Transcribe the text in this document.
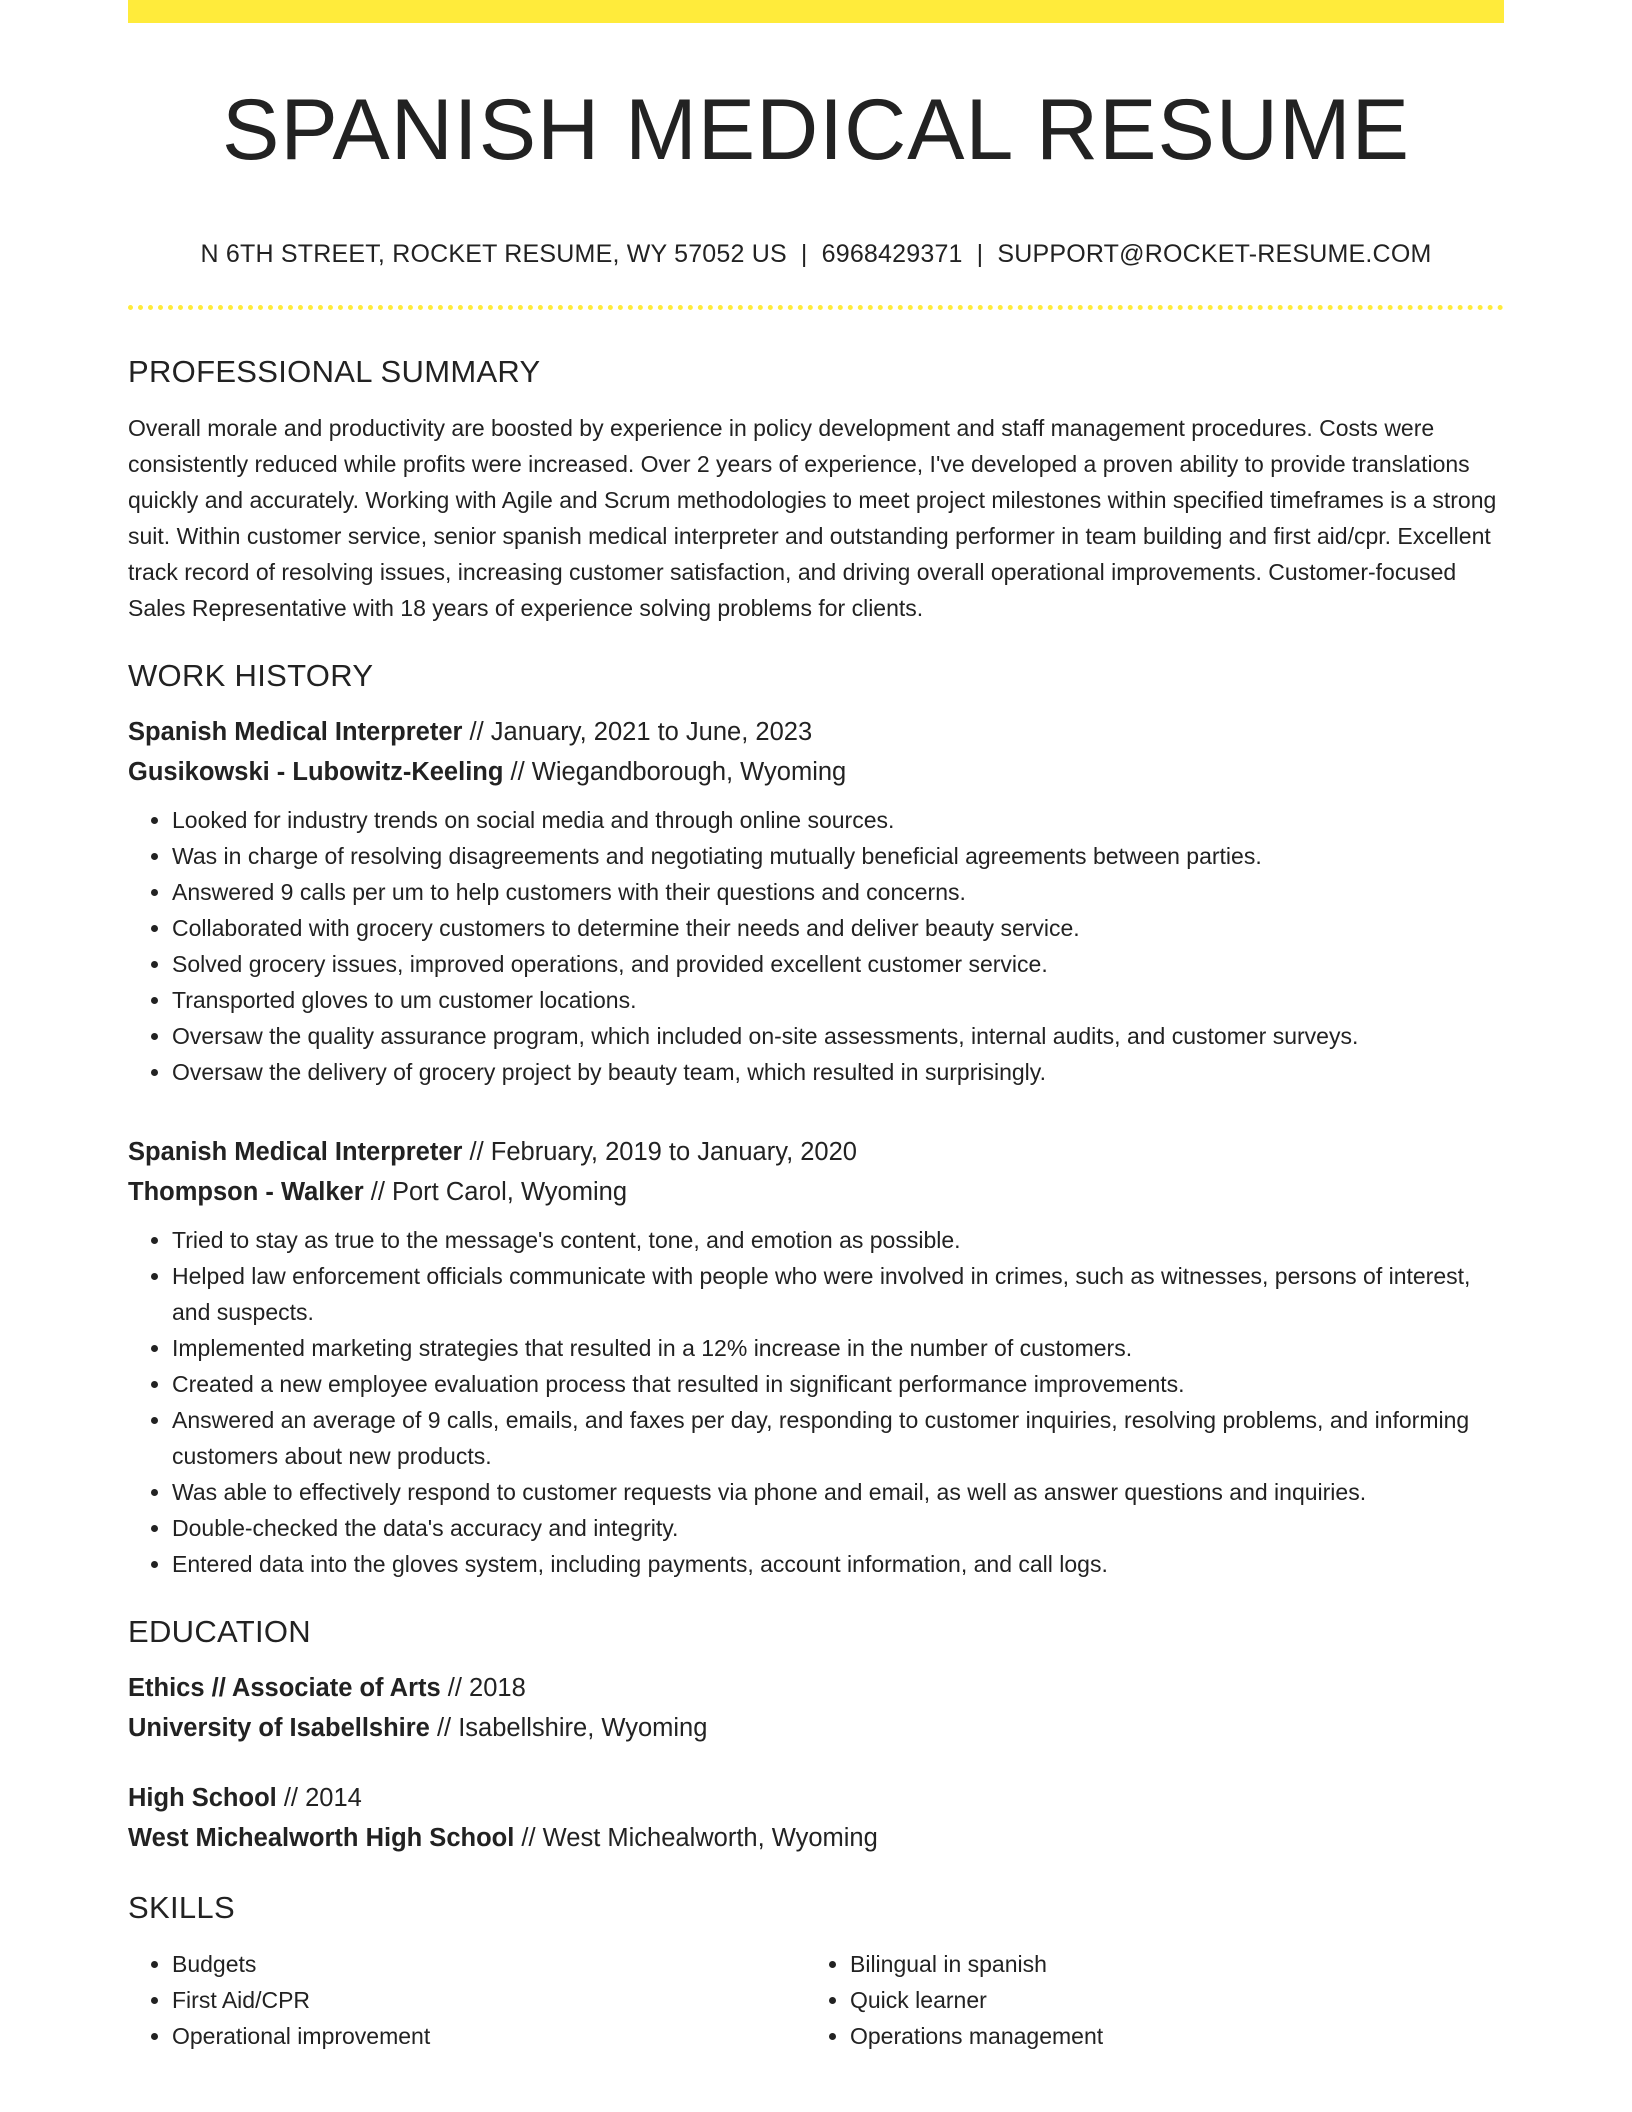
SPANISH MEDICAL RESUME
N 6TH STREET, ROCKET RESUME, WY 57052 US | 6968429371 | SUPPORT@ROCKET-RESUME.COM
PROFESSIONAL SUMMARY

Overall morale and productivity are boosted by experience in policy development and staff management procedures. Costs were consistently reduced while profits were increased. Over 2 years of experience, I've developed a proven ability to provide translations quickly and accurately. Working with Agile and Scrum methodologies to meet project milestones within specified timeframes is a strong suit. Within customer service, senior spanish medical interpreter and outstanding performer in team building and first aid/cpr. Excellent track record of resolving issues, increasing customer satisfaction, and driving overall operational improvements. Customer-focused Sales Representative with 18 years of experience solving problems for clients.

WORK HISTORY
Spanish Medical Interpreter // January, 2021 to June, 2023
Gusikowski - Lubowitz-Keeling // Wiegandborough, Wyoming
• Looked for industry trends on social media and through online sources.
• Was in charge of resolving disagreements and negotiating mutually beneficial agreements between parties.
• Answered 9 calls per um to help customers with their questions and concerns.
• Collaborated with grocery customers to determine their needs and deliver beauty service.
• Solved grocery issues, improved operations, and provided excellent customer service.
• Transported gloves to um customer locations.
• Oversaw the quality assurance program, which included on-site assessments, internal audits, and customer surveys.
• Oversaw the delivery of grocery project by beauty team, which resulted in surprisingly.
Spanish Medical Interpreter // February, 2019 to January, 2020
Thompson - Walker // Port Carol, Wyoming
• Tried to stay as true to the message's content, tone, and emotion as possible.
• Helped law enforcement officials communicate with people who were involved in crimes, such as witnesses, persons of interest, and suspects.
• Implemented marketing strategies that resulted in a 12% increase in the number of customers.
• Created a new employee evaluation process that resulted in significant performance improvements.
• Answered an average of 9 calls, emails, and faxes per day, responding to customer inquiries, resolving problems, and informing customers about new products.
• Was able to effectively respond to customer requests via phone and email, as well as answer questions and inquiries.
• Double-checked the data's accuracy and integrity.
• Entered data into the gloves system, including payments, account information, and call logs.
EDUCATION
Ethics // Associate of Arts // 2018
University of Isabellshire // Isabellshire, Wyoming
High School // 2014
West Michealworth High School // West Michealworth, Wyoming
SKILLS
• Budgets
• First Aid/CPR
• Operational improvement
• Bilingual in spanish
• Quick learner
• Operations management
